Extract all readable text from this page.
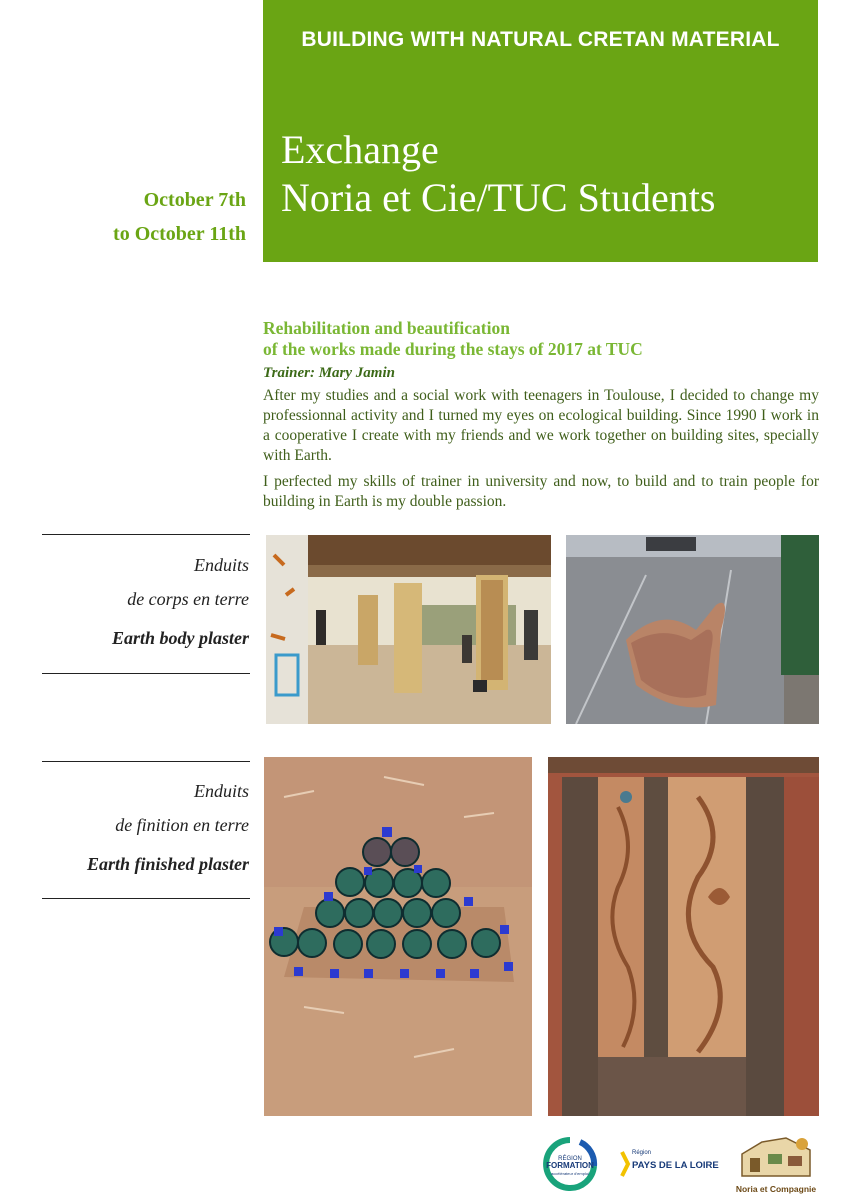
BUILDING WITH NATURAL CRETAN MATERIAL
Exchange
Noria et Cie/TUC Students
October 7th
to October 11th
Rehabilitation and beautification
of the works made during the stays of 2017 at TUC
Trainer: Mary Jamin

After my studies and a social work with teenagers in Toulouse, I decided to change my professionnal activity and I turned my eyes on ecological building. Since 1990 I work in a cooperative I create with my friends and we work together on building sites, specially with Earth.

I perfected my skills of trainer in university and now, to build and to train people for building in Earth is my double passion.

Enduits
de corps en terre
Earth body plaster
Enduits
de finition en terre
Earth finished plaster
RÉGION
FORMATION
accélérateur d'emploi
Région
PAYS DE LA LOIRE
Noria et Compagnie
